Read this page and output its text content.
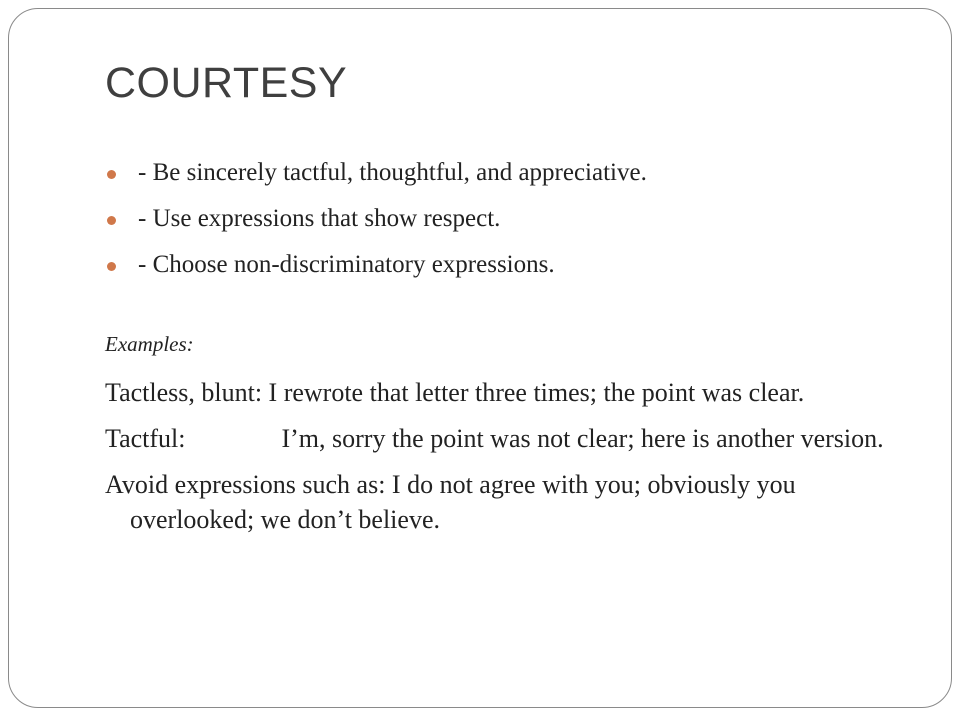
COURTESY
- Be sincerely tactful, thoughtful, and appreciative.
- Use expressions that show respect.
- Choose non-discriminatory expressions.
Examples:
Tactless, blunt: I rewrote that letter three times; the point was clear.
Tactful:	I’m, sorry the point was not clear; here is another version.
Avoid expressions such as: I do not agree with you; obviously you overlooked; we don’t believe.
